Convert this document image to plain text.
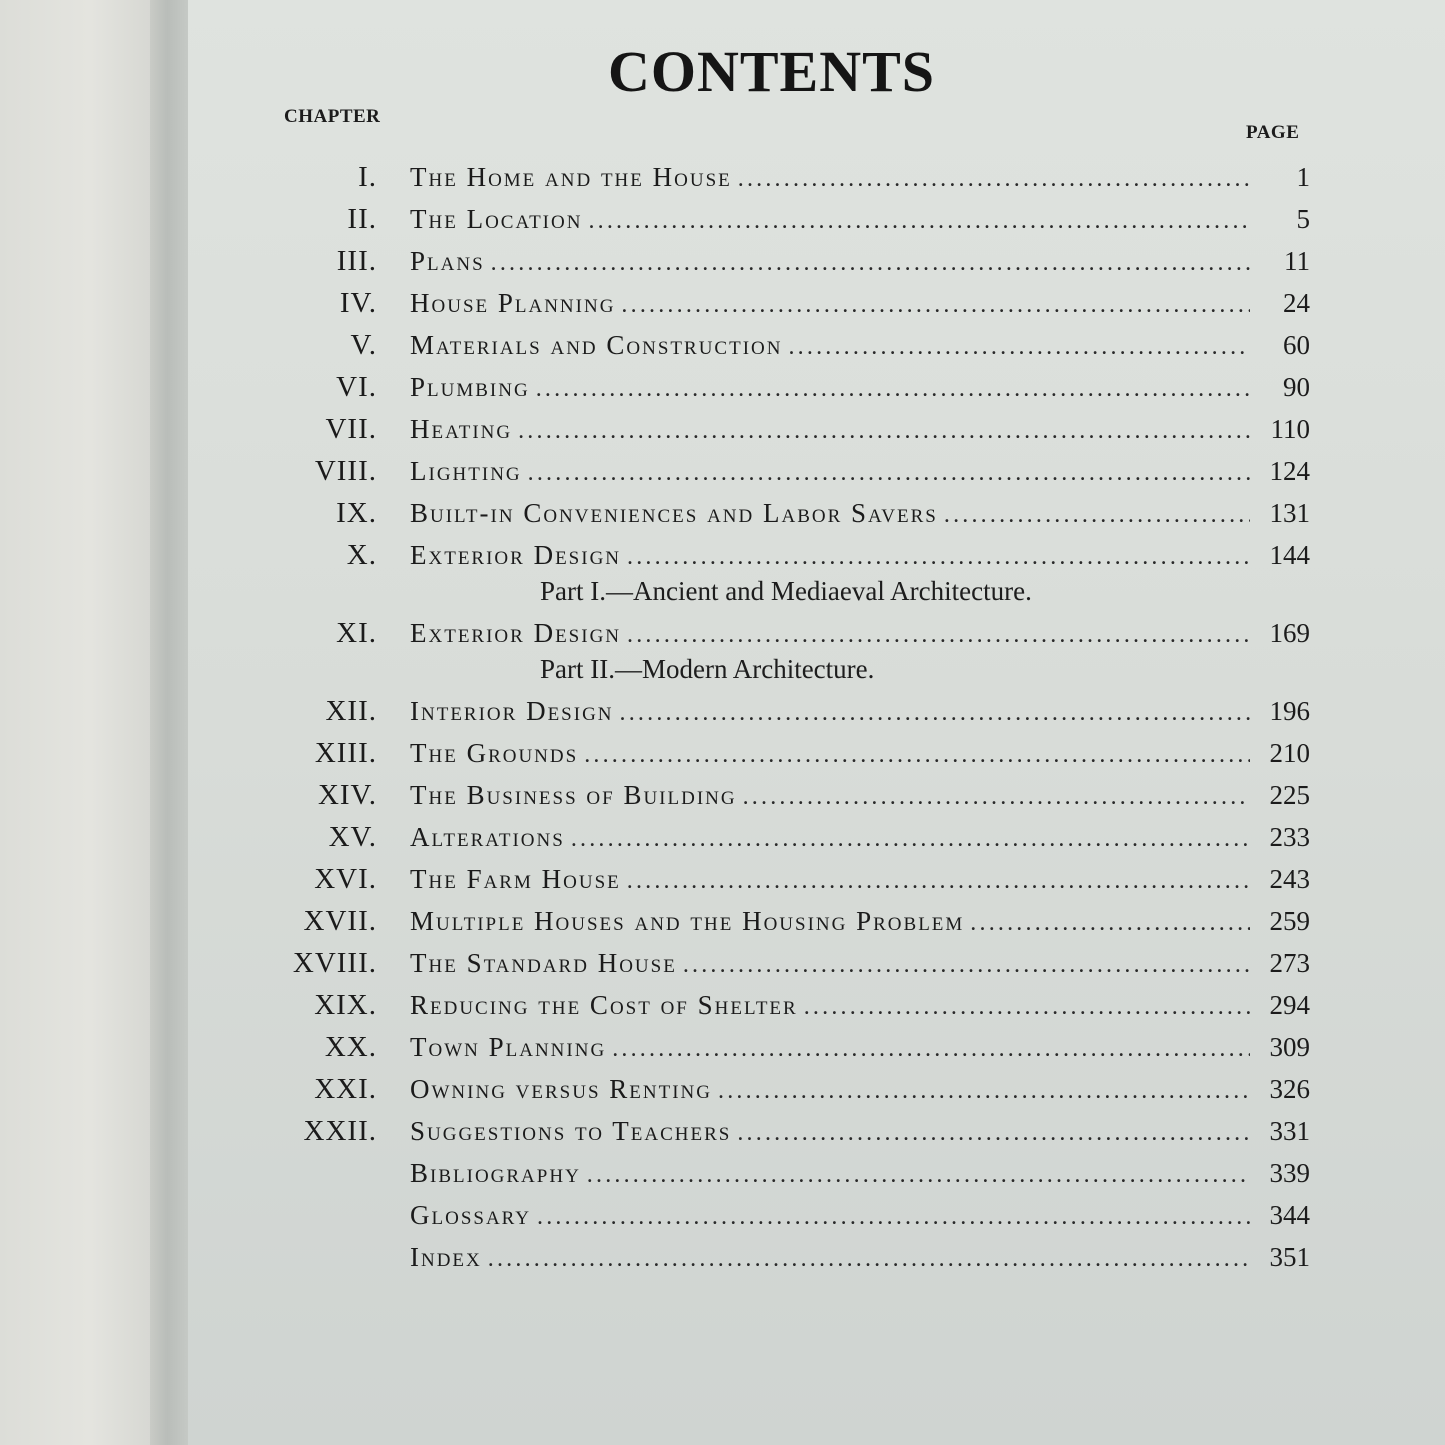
CONTENTS
CHAPTER
PAGE
I. The Home and the House . . .	1
II. The Location . . .	5
III. Plans . . .	11
IV. House Planning . . .	24
V. Materials and Construction . . .	60
VI. Plumbing . . .	90
VII. Heating . . .	110
VIII. Lighting . . .	124
IX. Built-in Conveniences and Labor Savers . . .	131
X. Exterior Design . . .	144
Part I.—Ancient and Mediaeval Architecture.
XI. Exterior Design . . .	169
Part II.—Modern Architecture.
XII. Interior Design . . .	196
XIII. The Grounds . . .	210
XIV. The Business of Building . . .	225
XV. Alterations . . .	233
XVI. The Farm House . . .	243
XVII. Multiple Houses and the Housing Problem . . .	259
XVIII. The Standard House . . .	273
XIX. Reducing the Cost of Shelter . . .	294
XX. Town Planning . . .	309
XXI. Owning versus Renting . . .	326
XXII. Suggestions to Teachers . . .	331
Bibliography . . .	339
Glossary . . .	344
Index . . .	351
